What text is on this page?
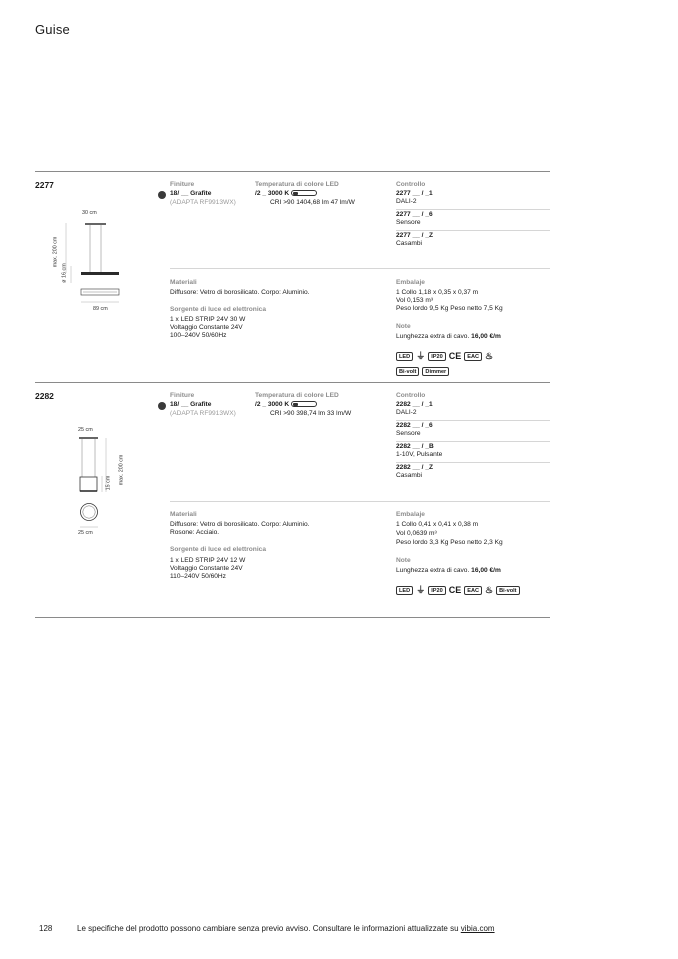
Guise
2277
30 cm
max. 200 cm
ø 16 cm
89 cm
Finiture
18/ __ Grafite
(ADAPTA RF9913WX)
Temperatura di colore LED
/2 _ 3000 K
CRI >90 1404,68 lm 47 lm/W
Controllo
2277 __ / _1
DALI-2
2277 __ / _6
Sensore
2277 __ / _Z
Casambi
Materiali
Diffusore: Vetro di borosilicato. Corpo: Aluminio.
Sorgente di luce ed elettronica
1 x LED STRIP 24V 30 W
Voltaggio Constante 24V
100–240V 50/60Hz
Embalaje
1 Collo 1,18 x 0,35 x 0,37 m
Vol 0,153 m³
Peso lordo 9,5 Kg Peso netto 7,5 Kg
Note
Lunghezza extra di cavo. 16,00 €/m
LED ⏚ IP20 CE EAC ♨
Bi-volt Dimmer
2282
25 cm
max. 200 cm
15 cm
25 cm
Finiture
18/ __ Grafite
(ADAPTA RF9913WX)
Temperatura di colore LED
/2 _ 3000 K
CRI >90 398,74 lm 33 lm/W
Controllo
2282 __ / _1
DALI-2
2282 __ / _6
Sensore
2282 __ / _B
1-10V, Pulsante
2282 __ / _Z
Casambi
Materiali
Diffusore: Vetro di borosilicato. Corpo: Aluminio.
Rosone: Acciaio.
Sorgente di luce ed elettronica
1 x LED STRIP 24V 12 W
Voltaggio Constante 24V
110–240V 50/60Hz
Embalaje
1 Collo 0,41 x 0,41 x 0,38 m
Vol 0,0639 m³
Peso lordo 3,3 Kg Peso netto 2,3 Kg
Note
Lunghezza extra di cavo. 16,00 €/m
LED ⏚ IP20 CE EAC ♨ Bi-volt
128	Le specifiche del prodotto possono cambiare senza previo avviso. Consultare le informazioni attualizzate su vibia.com
